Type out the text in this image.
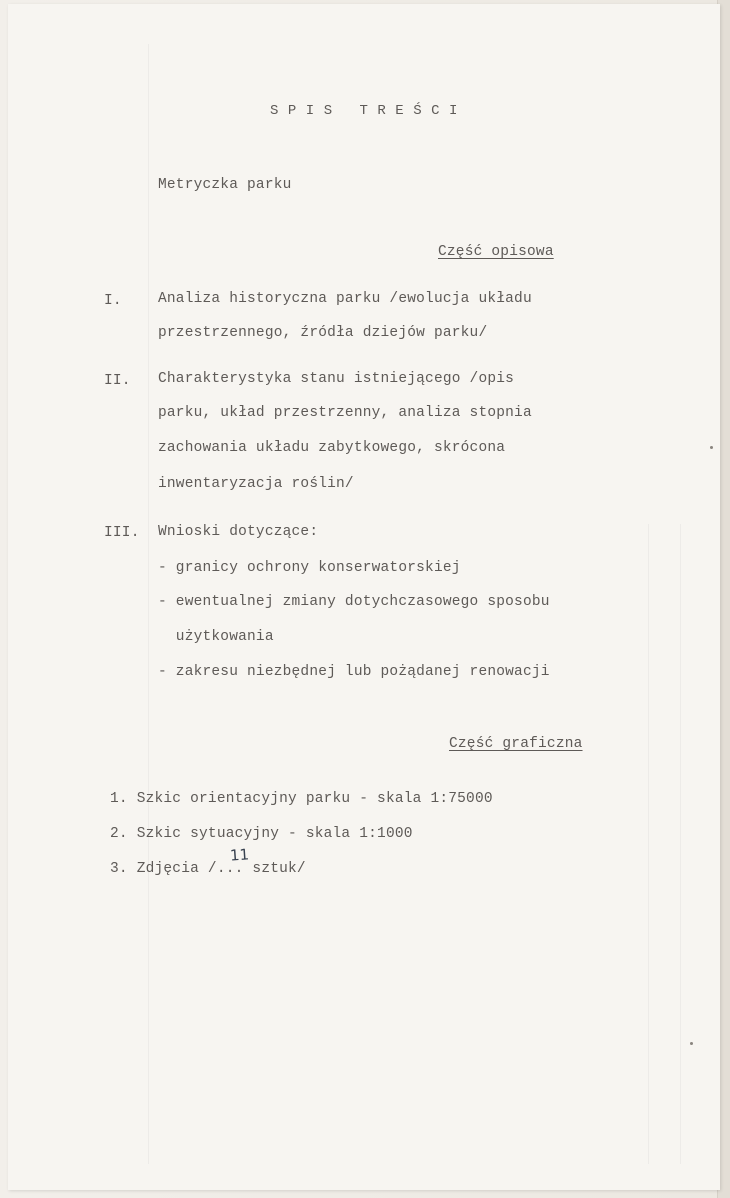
SPIS TREŚCI
Metryczka parku
Część opisowa
I. Analiza historyczna parku /ewolucja układu
przestrzennego, źródła dziejów parku/
II. Charakterystyka stanu istniejącego /opis
parku, układ przestrzenny, analiza stopnia
zachowania układu zabytkowego, skrócona
inwentaryzacja roślin/
III. Wnioski dotyczące:
- granicy ochrony konserwatorskiej
- ewentualnej zmiany dotychczasowego sposobu
użytkowania
- zakresu niezbędnej lub pożądanej renowacji
Część graficzna
1. Szkic orientacyjny parku - skala 1:75000
2. Szkic sytuacyjny - skala 1:1000
3. Zdjęcia /... sztuk/
11
